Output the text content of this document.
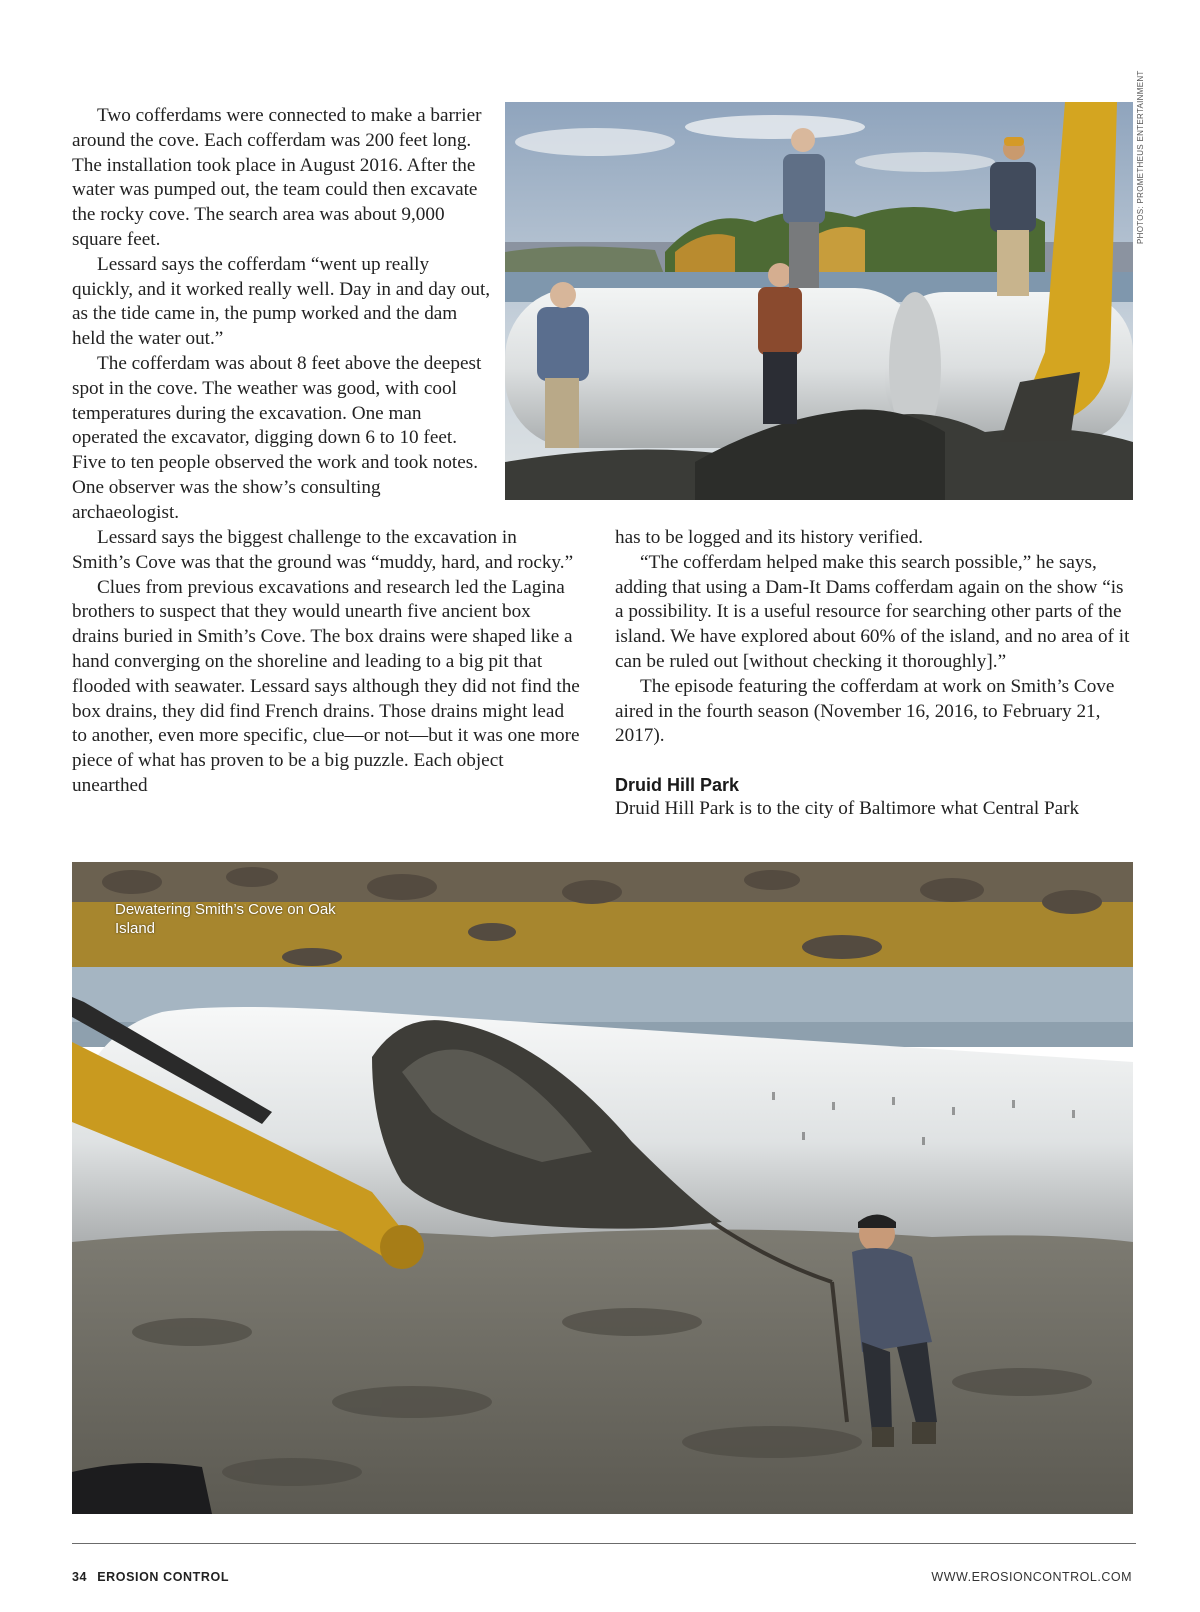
Two cofferdams were connected to make a barrier around the cove. Each cofferdam was 200 feet long. The installation took place in August 2016. After the water was pumped out, the team could then excavate the rocky cove. The search area was about 9,000 square feet.

Lessard says the cofferdam “went up really quickly, and it worked really well. Day in and day out, as the tide came in, the pump worked and the dam held the water out.”

The cofferdam was about 8 feet above the deepest spot in the cove. The weather was good, with cool temperatures during the excavation. One man operated the excavator, digging down 6 to 10 feet. Five to ten people observed the work and took notes. One observer was the show’s consulting archaeologist.

PHOTOS: PROMETHEUS ENTERTAINMENT

Lessard says the biggest challenge to the excavation in Smith’s Cove was that the ground was “muddy, hard, and rocky.”

Clues from previous excavations and research led the Lagina brothers to suspect that they would unearth five ancient box drains buried in Smith’s Cove. The box drains were shaped like a hand converging on the shoreline and leading to a big pit that flooded with seawater. Lessard says although they did not find the box drains, they did find French drains. Those drains might lead to another, even more specific, clue—or not—but it was one more piece of what has proven to be a big puzzle. Each object unearthed

has to be logged and its history verified.

“The cofferdam helped make this search possible,” he says, adding that using a Dam-It Dams cofferdam again on the show “is a possibility. It is a useful resource for searching other parts of the island. We have explored about 60% of the island, and no area of it can be ruled out [without checking it thoroughly].”

The episode featuring the cofferdam at work on Smith’s Cove aired in the fourth season (November 16, 2016, to February 21, 2017).

Druid Hill Park

Druid Hill Park is to the city of Baltimore what Central Park

Dewatering Smith’s Cove on Oak Island
34 EROSION CONTROL	WWW.EROSIONCONTROL.COM
